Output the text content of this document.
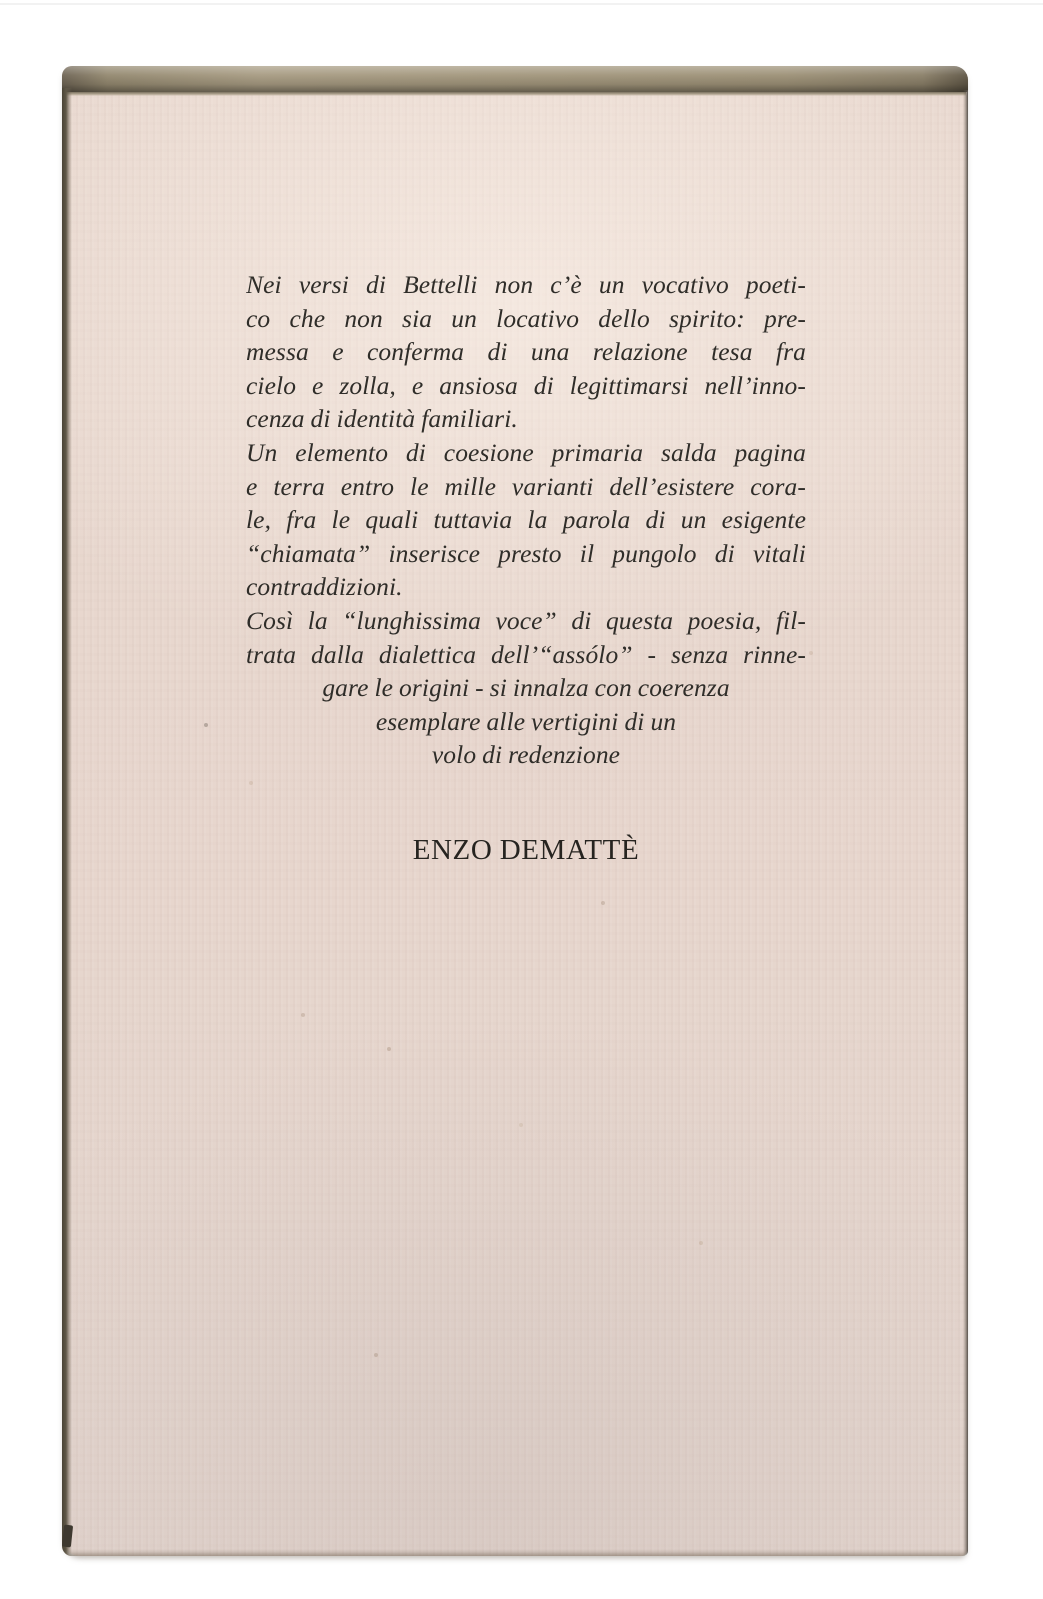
Nei versi di Bettelli non c’è un vocativo poeti-
co che non sia un locativo dello spirito: pre-
messa e conferma di una relazione tesa fra
cielo e zolla, e ansiosa di legittimarsi nell’inno-
cenza di identità familiari.
Un elemento di coesione primaria salda pagina
e terra entro le mille varianti dell’esistere cora-
le, fra le quali tuttavia la parola di un esigente
“chiamata” inserisce presto il pungolo di vitali
contraddizioni.
Così la “lunghissima voce” di questa poesia, fil-
trata dalla dialettica dell’“assólo” - senza rinne-
gare le origini - si innalza con coerenza
esemplare alle vertigini di un
volo di redenzione
ENZO DEMATTÈ
